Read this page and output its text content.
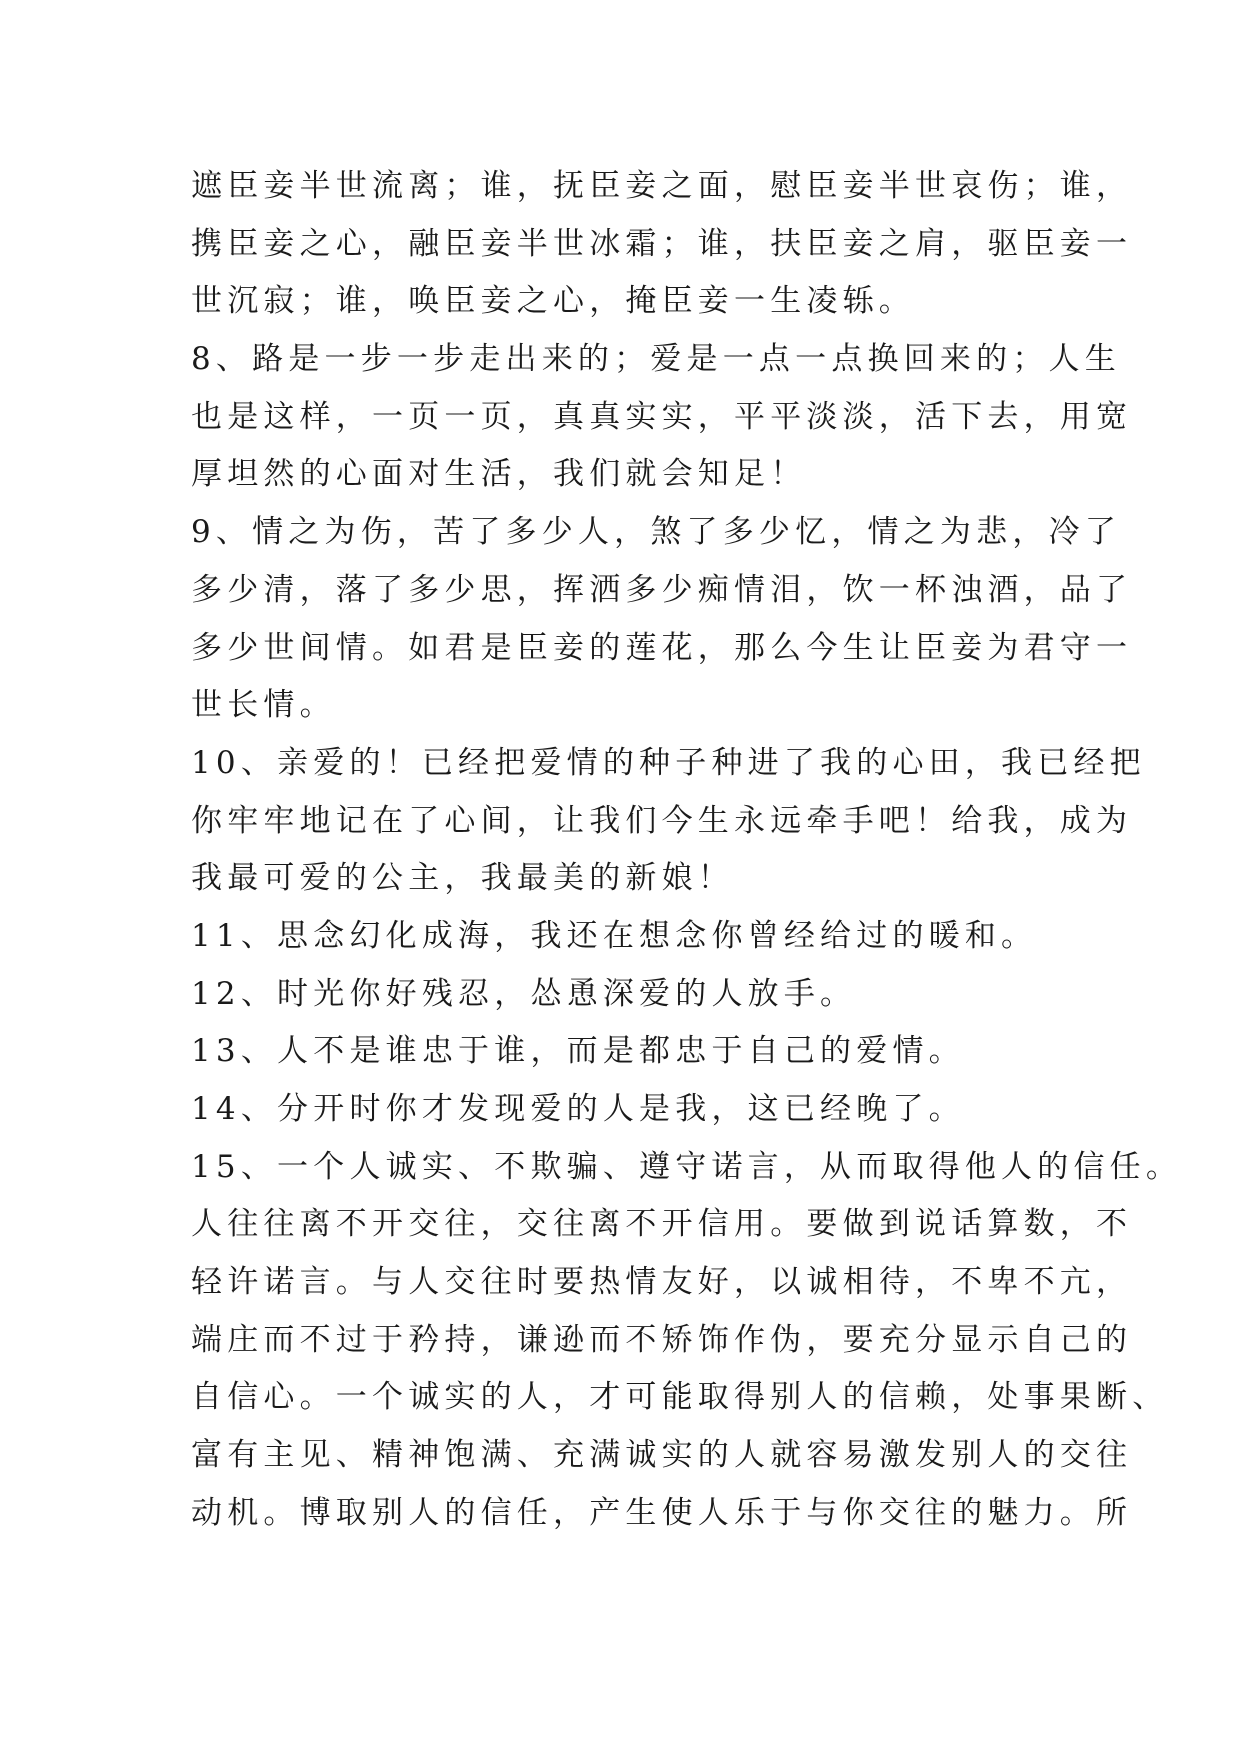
遮臣妾半世流离；谁，抚臣妾之面，慰臣妾半世哀伤；谁，
携臣妾之心，融臣妾半世冰霜；谁，扶臣妾之肩，驱臣妾一
世沉寂；谁，唤臣妾之心，掩臣妾一生凌轹。
8、路是一步一步走出来的；爱是一点一点换回来的；人生
也是这样，一页一页，真真实实，平平淡淡，活下去，用宽
厚坦然的心面对生活，我们就会知足！
9、情之为伤，苦了多少人，煞了多少忆，情之为悲，冷了
多少清，落了多少思，挥洒多少痴情泪，饮一杯浊酒，品了
多少世间情。如君是臣妾的莲花，那么今生让臣妾为君守一
世长情。
10、亲爱的！已经把爱情的种子种进了我的心田，我已经把
你牢牢地记在了心间，让我们今生永远牵手吧！给我，成为
我最可爱的公主，我最美的新娘！
11、思念幻化成海，我还在想念你曾经给过的暖和。
12、时光你好残忍，怂恿深爱的人放手。
13、人不是谁忠于谁，而是都忠于自己的爱情。
14、分开时你才发现爱的人是我，这已经晚了。
15、一个人诚实、不欺骗、遵守诺言，从而取得他人的信任。
人往往离不开交往，交往离不开信用。要做到说话算数，不
轻许诺言。与人交往时要热情友好，以诚相待，不卑不亢，
端庄而不过于矜持，谦逊而不矫饰作伪，要充分显示自己的
自信心。一个诚实的人，才可能取得别人的信赖，处事果断、
富有主见、精神饱满、充满诚实的人就容易激发别人的交往
动机。博取别人的信任，产生使人乐于与你交往的魅力。所
